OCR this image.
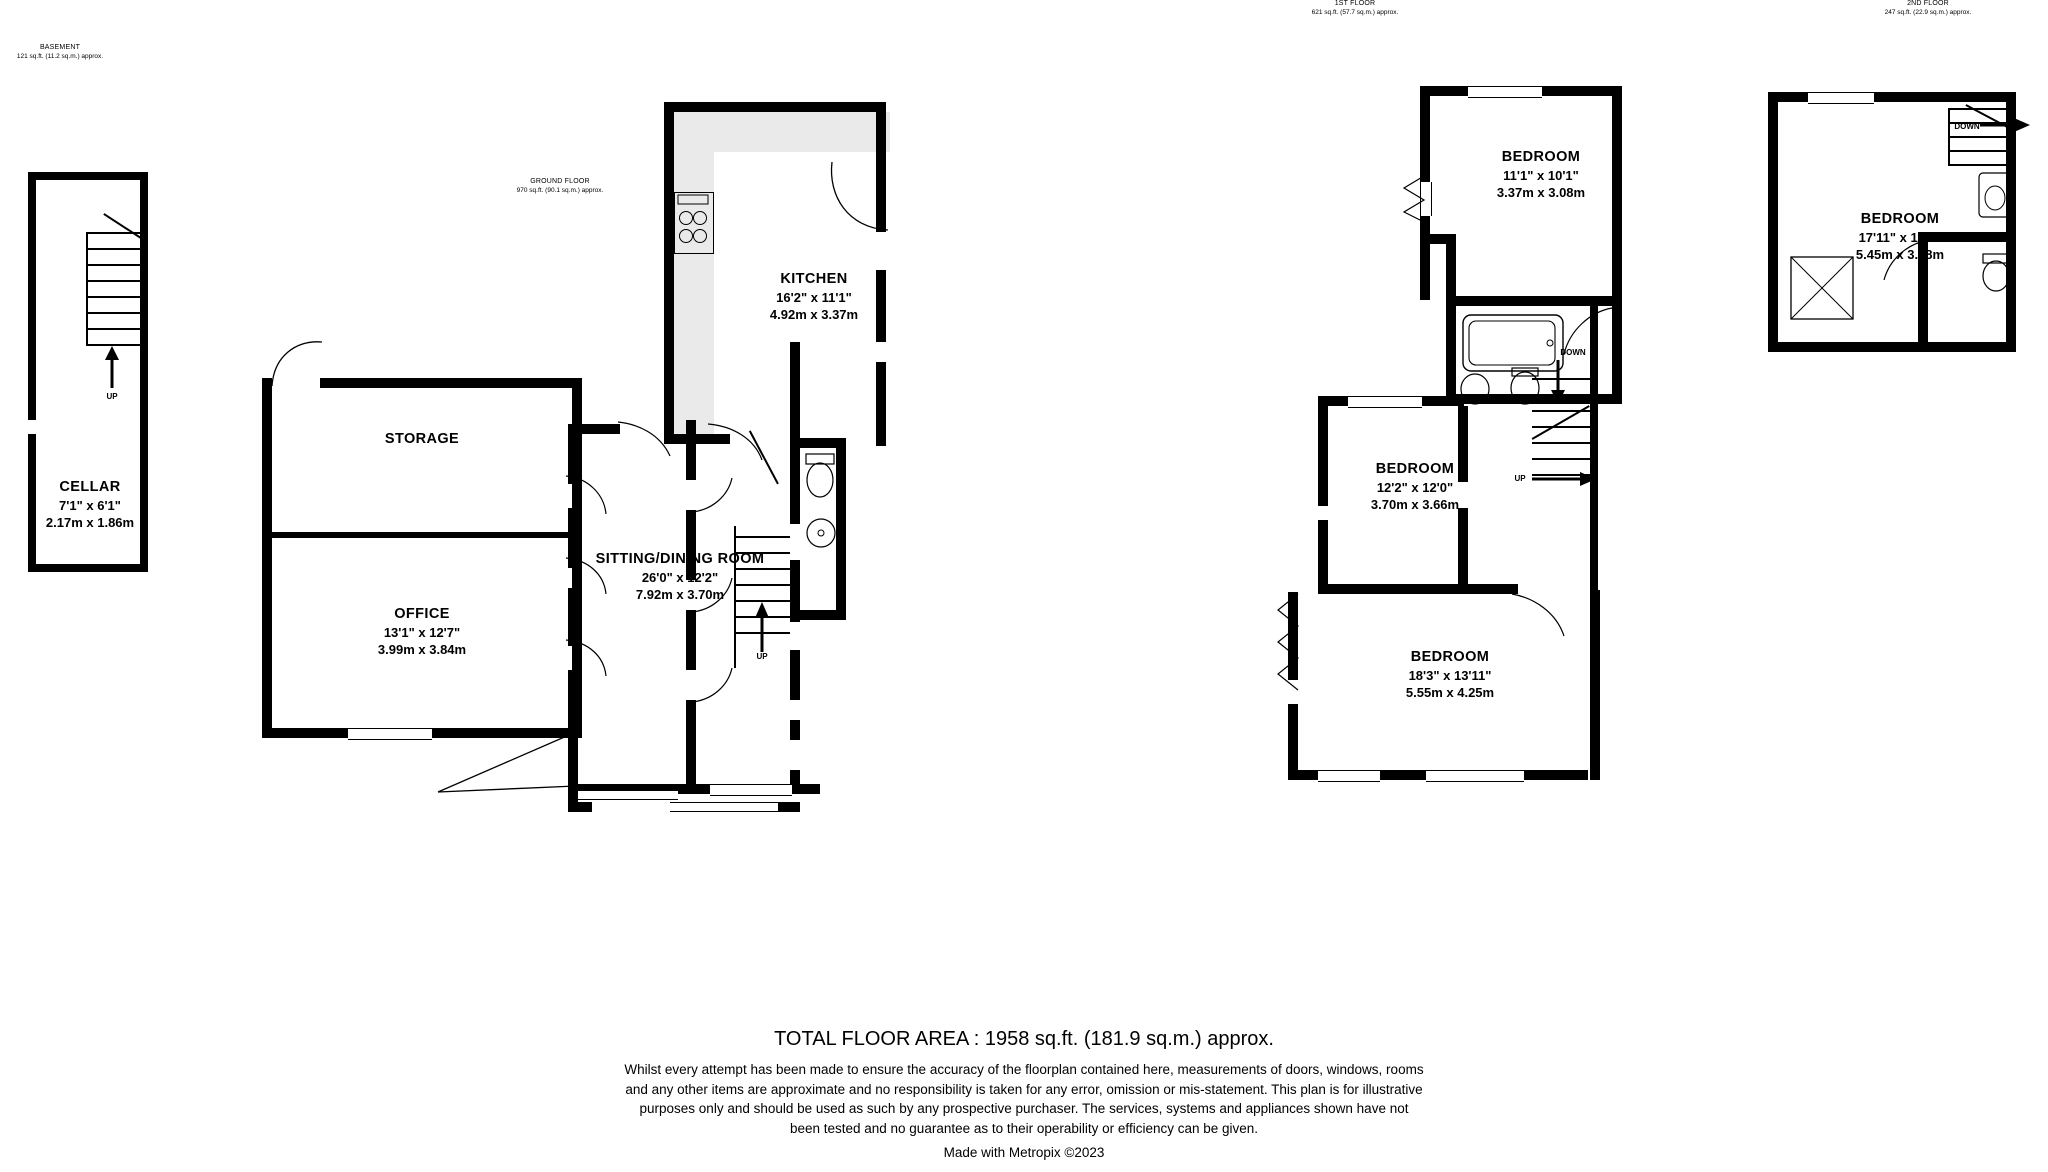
BASEMENT
121 sq.ft. (11.2 sq.m.) approx.
UP
CELLAR
7'1" x 6'1"
2.17m x 1.86m
GROUND FLOOR
970 sq.ft. (90.1 sq.m.) approx.
STORAGE
OFFICE
13'1" x 12'7"
3.99m x 3.84m
KITCHEN
16'2" x 11'1"
4.92m x 3.37m
UP
SITTING/DINING ROOM
26'0" x 12'2"
7.92m x 3.70m
1ST FLOOR
621 sq.ft. (57.7 sq.m.) approx.
BEDROOM
11'1" x 10'1"
3.37m x 3.08m
BEDROOM
12'2" x 12'0"
3.70m x 3.66m
DOWN
UP
BEDROOM
18'3" x 13'11"
5.55m x 4.25m
2ND FLOOR
247 sq.ft. (22.9 sq.m.) approx.
DOWN
BEDROOM
17'11" x 10'9"
5.45m x 3.28m
TOTAL FLOOR AREA : 1958 sq.ft. (181.9 sq.m.) approx.
Whilst every attempt has been made to ensure the accuracy of the floorplan contained here, measurements of doors, windows, rooms and any other items are approximate and no responsibility is taken for any error, omission or mis-statement. This plan is for illustrative purposes only and should be used as such by any prospective purchaser. The services, systems and appliances shown have not been tested and no guarantee as to their operability or efficiency can be given.
Made with Metropix ©2023
